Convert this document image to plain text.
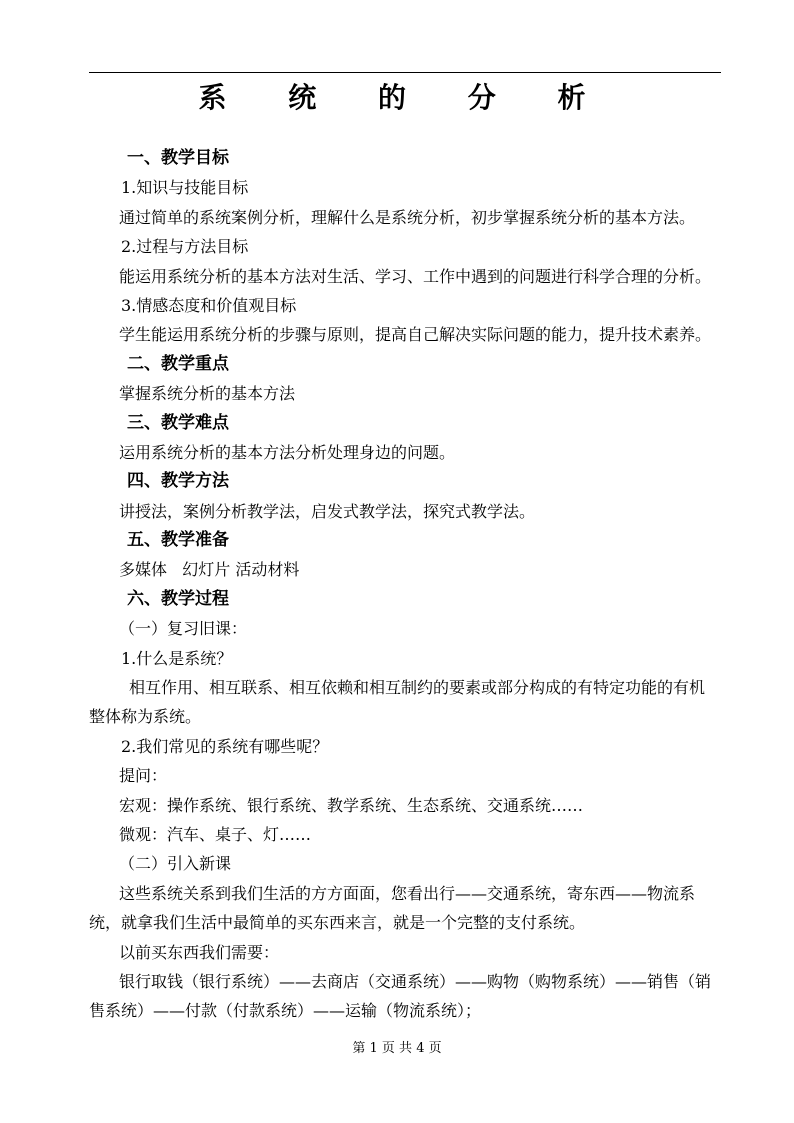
系 统 的 分 析
一、教学目标
1.知识与技能目标
通过简单的系统案例分析，理解什么是系统分析，初步掌握系统分析的基本方法。
2.过程与方法目标
能运用系统分析的基本方法对生活、学习、工作中遇到的问题进行科学合理的分析。
3.情感态度和价值观目标
学生能运用系统分析的步骤与原则，提高自己解决实际问题的能力，提升技术素养。
二、教学重点
掌握系统分析的基本方法
三、教学难点
运用系统分析的基本方法分析处理身边的问题。
四、教学方法
讲授法，案例分析教学法，启发式教学法，探究式教学法。
五、教学准备
多媒体   幻灯片 活动材料
六、教学过程
（一）复习旧课：
1.什么是系统？
相互作用、相互联系、相互依赖和相互制约的要素或部分构成的有特定功能的有机
整体称为系统。
2.我们常见的系统有哪些呢？
提问：
宏观：操作系统、银行系统、教学系统、生态系统、交通系统……
微观：汽车、桌子、灯……
（二）引入新课
这些系统关系到我们生活的方方面面，您看出行——交通系统，寄东西——物流系
统，就拿我们生活中最简单的买东西来言，就是一个完整的支付系统。
以前买东西我们需要：
银行取钱（银行系统）——去商店（交通系统）——购物（购物系统）——销售（销
售系统）——付款（付款系统）——运输（物流系统）；
第 1 页 共 4 页
